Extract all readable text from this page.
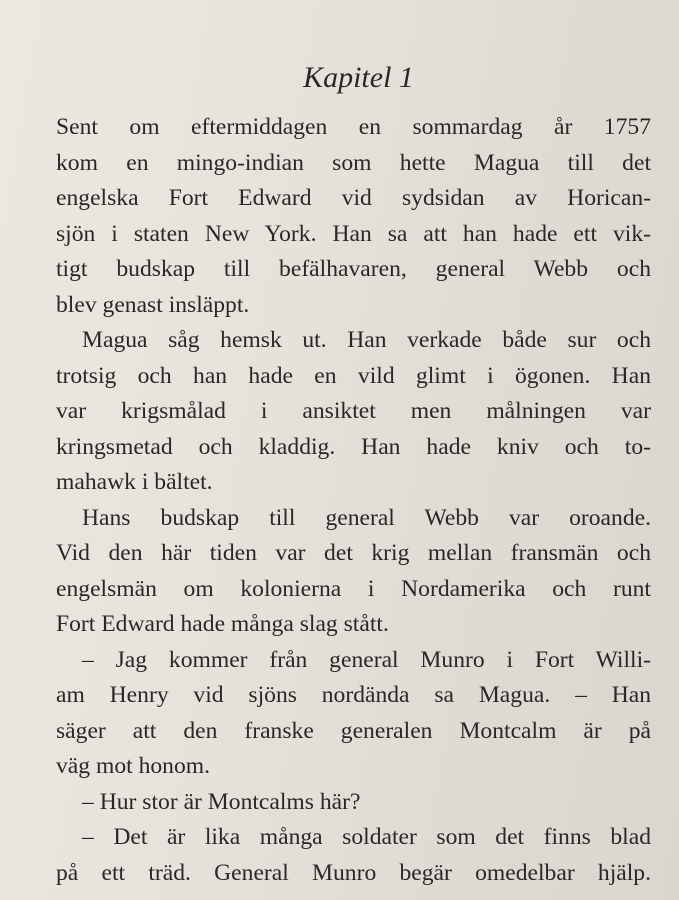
Kapitel 1
Sent om eftermiddagen en sommardag år 1757
kom en mingo-indian som hette Magua till det
engelska Fort Edward vid sydsidan av Horican-
sjön i staten New York. Han sa att han hade ett vik-
tigt budskap till befälhavaren, general Webb och
blev genast insläppt.
Magua såg hemsk ut. Han verkade både sur och
trotsig och han hade en vild glimt i ögonen. Han
var krigsmålad i ansiktet men målningen var
kringsmetad och kladdig. Han hade kniv och to-
mahawk i bältet.
Hans budskap till general Webb var oroande.
Vid den här tiden var det krig mellan fransmän och
engelsmän om kolonierna i Nordamerika och runt
Fort Edward hade många slag stått.
– Jag kommer från general Munro i Fort Willi-
am Henry vid sjöns nordända sa Magua. – Han
säger att den franske generalen Montcalm är på
väg mot honom.
– Hur stor är Montcalms här?
– Det är lika många soldater som det finns blad
på ett träd. General Munro begär omedelbar hjälp.
